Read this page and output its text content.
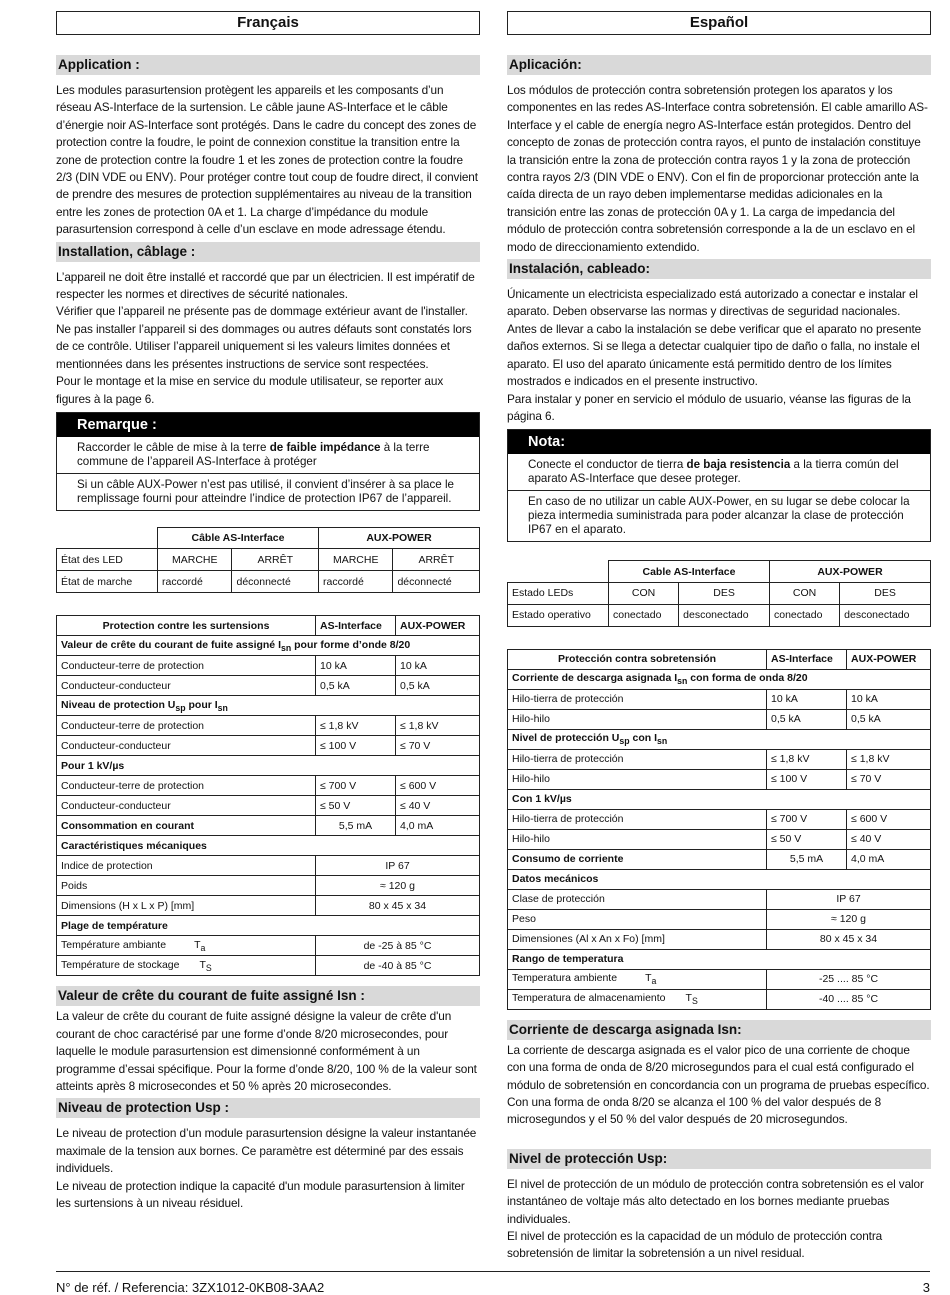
Français
Application :

Les modules parasurtension protègent les appareils et les composants d’un réseau AS-Interface de la surtension. Le câble jaune AS-Interface et le câble d’énergie noir AS-Interface sont protégés. Dans le cadre du concept des zones de protection contre la foudre, le point de connexion constitue la transition entre la zone de protection contre la foudre 1 et les zones de protection contre la foudre 2/3 (DIN VDE ou ENV). Pour protéger contre tout coup de foudre direct, il convient de prendre des mesures de protection supplémentaires au niveau de la transition entre les zones de protection 0A et 1. La charge d’impédance du module parasurtension correspond à celle d’un esclave en mode adressage étendu.

Installation, câblage :

L’appareil ne doit être installé et raccordé que par un électricien. Il est impératif de respecter les normes et directives de sécurité nationales.

Vérifier que l’appareil ne présente pas de dommage extérieur avant de l'installer. Ne pas installer l’appareil si des dommages ou autres défauts sont constatés lors de ce contrôle. Utiliser l’appareil uniquement si les valeurs limites données et mentionnées dans les présentes instructions de service sont respectées.

Pour le montage et la mise en service du module utilisateur, se reporter aux figures à la page 6.

Remarque :
Raccorder le câble de mise à la terre de faible impédance à la terre commune de l’appareil AS-Interface à protéger
Si un câble AUX-Power n’est pas utilisé, il convient d’insérer à sa place le remplissage fourni pour atteindre l’indice de protection IP67 de l’appareil.
	Câble AS-Interface		AUX-POWER	
État des LED	MARCHE	ARRÊT	MARCHE	ARRÊT
État de marche	raccordé	déconnecté	raccordé	déconnecté
Protection contre les surtensions	AS-Interface	AUX-POWER
Valeur de crête du courant de fuite assigné $I_{sn}$ pour forme d’onde 8/20		
Conducteur-terre de protection	10 kA	10 kA
Conducteur-conducteur	0,5 kA	0,5 kA
Niveau de protection $U_{sp}$ pour $I_{sn}$
Conducteur-terre de protection	≤ 1,8 kV	≤ 1,8 kV
Conducteur-conducteur	≤ 100 V	≤ 70 V
Pour 1 kV/µs		
Conducteur-terre de protection	≤ 700 V	≤ 600 V
Conducteur-conducteur	≤ 50 V	≤ 40 V
Consommation en courant	5,5 mA	4,0 mA
Caractéristiques mécaniques		
Indice de protection	IP 67	
Poids	≈ 120 g	
Dimensions (H x L x P) [mm]	80 x 45 x 34	
Plage de température		
Température ambiante $T_a$	de -25 à 85 °C	
Température de stockage $T_S$	de -40 à 85 °C	
Valeur de crête du courant de fuite assigné Isn :

La valeur de crête du courant de fuite assigné désigne la valeur de crête d'un courant de choc caractérisé par une forme d’onde 8/20 microsecondes, pour laquelle le module parasurtension est dimensionné conformément à un programme d’essai spécifique. Pour la forme d’onde 8/20, 100 % de la valeur sont atteints après 8 microsecondes et 50 % après 20 microsecondes.

Niveau de protection Usp :

Le niveau de protection d’un module parasurtension désigne la valeur instantanée maximale de la tension aux bornes. Ce paramètre est déterminé par des essais individuels.

Le niveau de protection indique la capacité d'un module parasurtension à limiter les surtensions à un niveau résiduel.

Español
Aplicación:

Los módulos de protección contra sobretensión protegen los aparatos y los componentes en las redes AS-Interface contra sobretensión. El cable amarillo AS-Interface y el cable de energía negro AS-Interface están protegidos. Dentro del concepto de zonas de protección contra rayos, el punto de instalación constituye la transición entre la zona de protección contra rayos 1 y la zona de protección contra rayos 2/3 (DIN VDE o ENV). Con el fin de proporcionar protección ante la caída directa de un rayo deben implementarse medidas adicionales en la transición entre las zonas de protección 0A y 1. La carga de impedancia del módulo de protección contra sobretensión corresponde a la de un esclavo en el modo de direccionamiento extendido.

Instalación, cableado:

Únicamente un electricista especializado está autorizado a conectar e instalar el aparato. Deben observarse las normas y directivas de seguridad nacionales.

Antes de llevar a cabo la instalación se debe verificar que el aparato no presente daños externos. Si se llega a detectar cualquier tipo de daño o falla, no instale el aparato. El uso del aparato únicamente está permitido dentro de los límites mostrados e indicados en el presente instructivo.

Para instalar y poner en servicio el módulo de usuario, véanse las figuras de la página 6.

Nota:
Conecte el conductor de tierra de baja resistencia a la tierra común del aparato AS-Interface que desee proteger.
En caso de no utilizar un cable AUX-Power, en su lugar se debe colocar la pieza intermedia suministrada para poder alcanzar la clase de protección IP67 en el aparato.
	Cable AS-Interface		AUX-POWER	
Estado LEDs	CON	DES	CON	DES
Estado operativo	conectado	desconectado	conectado	desconectado
Protección contra sobretensión	AS-Interface	AUX-POWER
Corriente de descarga asignada $I_{sn}$ con forma de onda 8/20		
Hilo-tierra de protección	10 kA	10 kA
Hilo-hilo	0,5 kA	0,5 kA
Nivel de protección $U_{sp}$ con $I_{sn}$
Hilo-tierra de protección	≤ 1,8 kV	≤ 1,8 kV
Hilo-hilo	≤ 100 V	≤ 70 V
Con 1 kV/µs		
Hilo-tierra de protección	≤ 700 V	≤ 600 V
Hilo-hilo	≤ 50 V	≤ 40 V
Consumo de corriente	5,5 mA	4,0 mA
Datos mecánicos		
Clase de protección	IP 67	
Peso	≈ 120 g	
Dimensiones (Al x An x Fo) [mm]	80 x 45 x 34	
Rango de temperatura		
Temperatura ambiente $T_a$	-25 .... 85 °C	
Temperatura de almacenamiento $T_S$	-40 .... 85 °C	
Corriente de descarga asignada Isn:

La corriente de descarga asignada es el valor pico de una corriente de choque con una forma de onda de 8/20 microsegundos para el cual está configurado el módulo de sobretensión en concordancia con un programa de pruebas específico.

Con una forma de onda 8/20 se alcanza el 100 % del valor después de 8 microsegundos y el 50 % del valor después de 20 microsegundos.

Nivel de protección Usp:

El nivel de protección de un módulo de protección contra sobretensión es el valor instantáneo de voltaje más alto detectado en los bornes mediante pruebas individuales.

El nivel de protección es la capacidad de un módulo de protección contra sobretensión de limitar la sobretensión a un nivel residual.

N° de réf. / Referencia: 3ZX1012-0KB08-3AA2	3
